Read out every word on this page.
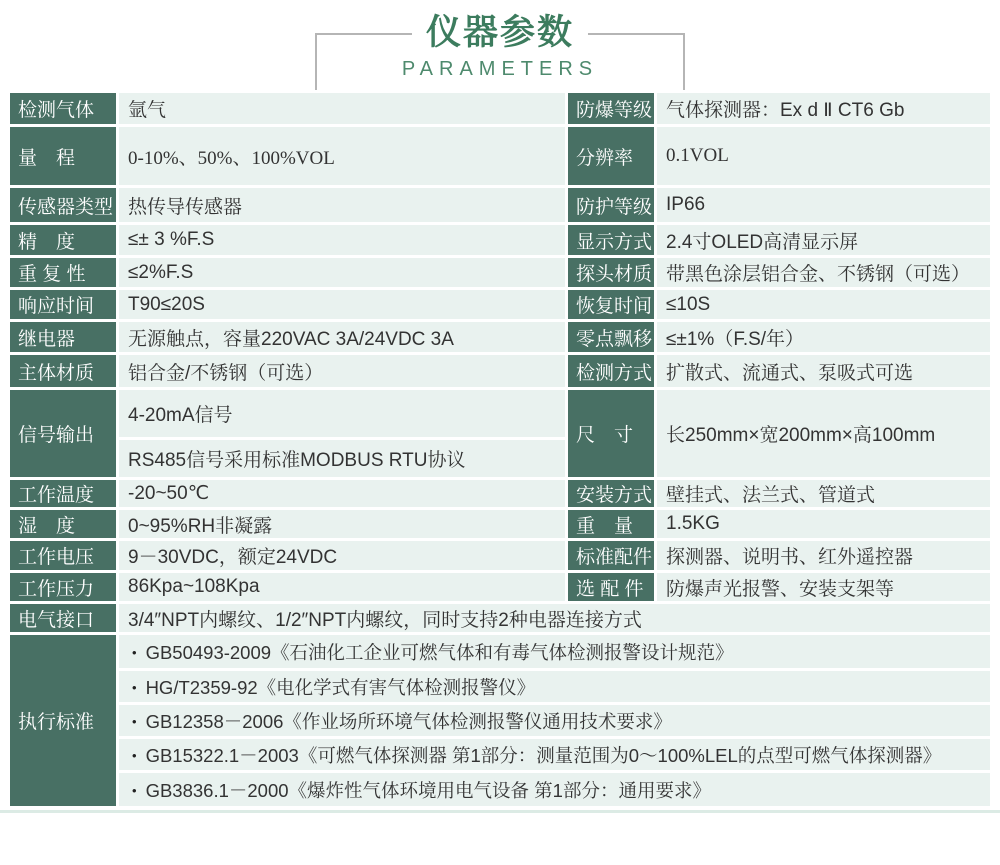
仪器参数
PARAMETERS
检测气体	氩气	防爆等级	气体探测器：Ex d Ⅱ CT6 Gb
量　程	0-10%、50%、100%VOL	分辨率	0.1VOL
传感器类型	热传导传感器	防护等级	IP66
精　度	≤± 3 %F.S	显示方式	2.4寸OLED高清显示屏
重 复 性	≤2%F.S	探头材质	带黑色涂层铝合金、不锈钢（可选）
响应时间	T90≤20S	恢复时间	≤10S
继电器	无源触点，容量220VAC 3A/24VDC 3A	零点飘移	≤±1%（F.S/年）
主体材质	铝合金/不锈钢（可选）	检测方式	扩散式、流通式、泵吸式可选
信号输出	4-20mA信号	尺　寸	长250mm×宽200mm×高100mm
	RS485信号采用标准MODBUS RTU协议		
工作温度	-20~50℃	安装方式	壁挂式、法兰式、管道式
湿　度	0~95%RH非凝露	重　量	1.5KG
工作电压	9－30VDC，额定24VDC	标准配件	探测器、说明书、红外遥控器
工作压力	86Kpa~108Kpa	选 配 件	防爆声光报警、安装支架等
电气接口	3/4″NPT内螺纹、1/2″NPT内螺纹，同时支持2种电器连接方式		
执行标准	• GB50493-2009《石油化工企业可燃气体和有毒气体检测报警设计规范》		
	• HG/T2359-92《电化学式有害气体检测报警仪》		
	• GB12358－2006《作业场所环境气体检测报警仪通用技术要求》		
	• GB15322.1－2003《可燃气体探测器 第1部分：测量范围为0～100%LEL的点型可燃气体探测器》		
	• GB3836.1－2000《爆炸性气体环境用电气设备 第1部分：通用要求》		
